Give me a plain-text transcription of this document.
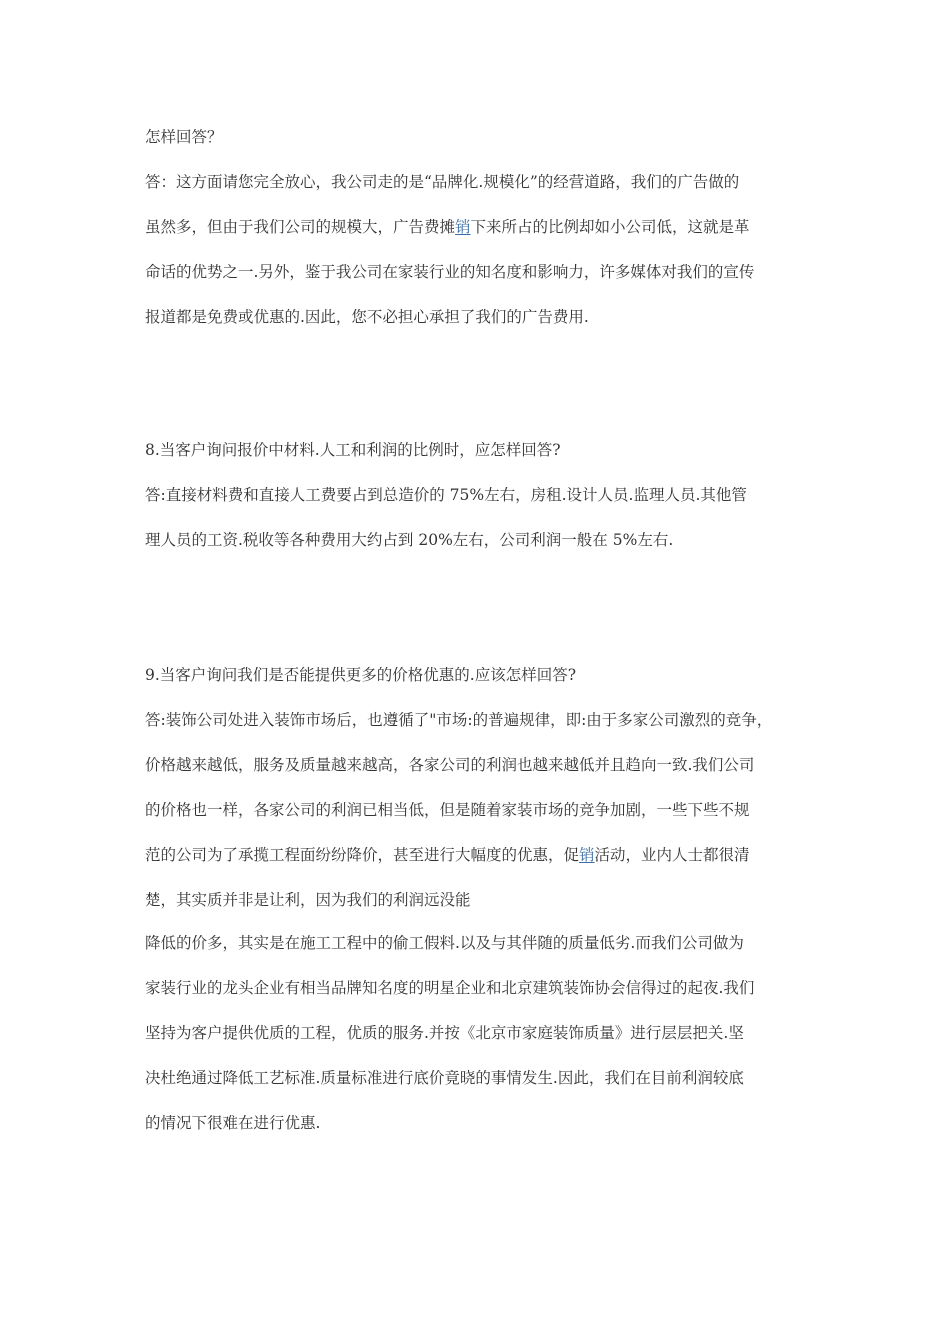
怎样回答？
答：这方面请您完全放心，我公司走的是“品牌化.规模化”的经营道路，我们的广告做的
虽然多，但由于我们公司的规模大，广告费摊销下来所占的比例却如小公司低，这就是革
命话的优势之一.另外，鉴于我公司在家装行业的知名度和影响力，许多媒体对我们的宣传
报道都是免费或优惠的.因此，您不必担心承担了我们的广告费用.
8.当客户询问报价中材料.人工和利润的比例时，应怎样回答?
答:直接材料费和直接人工费要占到总造价的 75%左右，房租.设计人员.监理人员.其他管
理人员的工资.税收等各种费用大约占到 20%左右，公司利润一般在 5%左右.
9.当客户询问我们是否能提供更多的价格优惠的.应该怎样回答?
答:装饰公司处进入装饰市场后，也遵循了"市场:的普遍规律，即:由于多家公司激烈的竞争，
价格越来越低，服务及质量越来越高，各家公司的利润也越来越低并且趋向一致.我们公司
的价格也一样，各家公司的利润已相当低，但是随着家装市场的竞争加剧，一些下些不规
范的公司为了承揽工程面纷纷降价，甚至进行大幅度的优惠，促销活动，业内人士都很清
楚，其实质并非是让利，因为我们的利润远没能
降低的价多，其实是在施工工程中的偷工假料.以及与其伴随的质量低劣.而我们公司做为
家装行业的龙头企业有相当品牌知名度的明星企业和北京建筑装饰协会信得过的起夜.我们
坚持为客户提供优质的工程，优质的服务.并按《北京市家庭装饰质量》进行层层把关.坚
决杜绝通过降低工艺标准.质量标准进行底价竟晓的事情发生.因此，我们在目前利润较底
的情况下很难在进行优惠.
